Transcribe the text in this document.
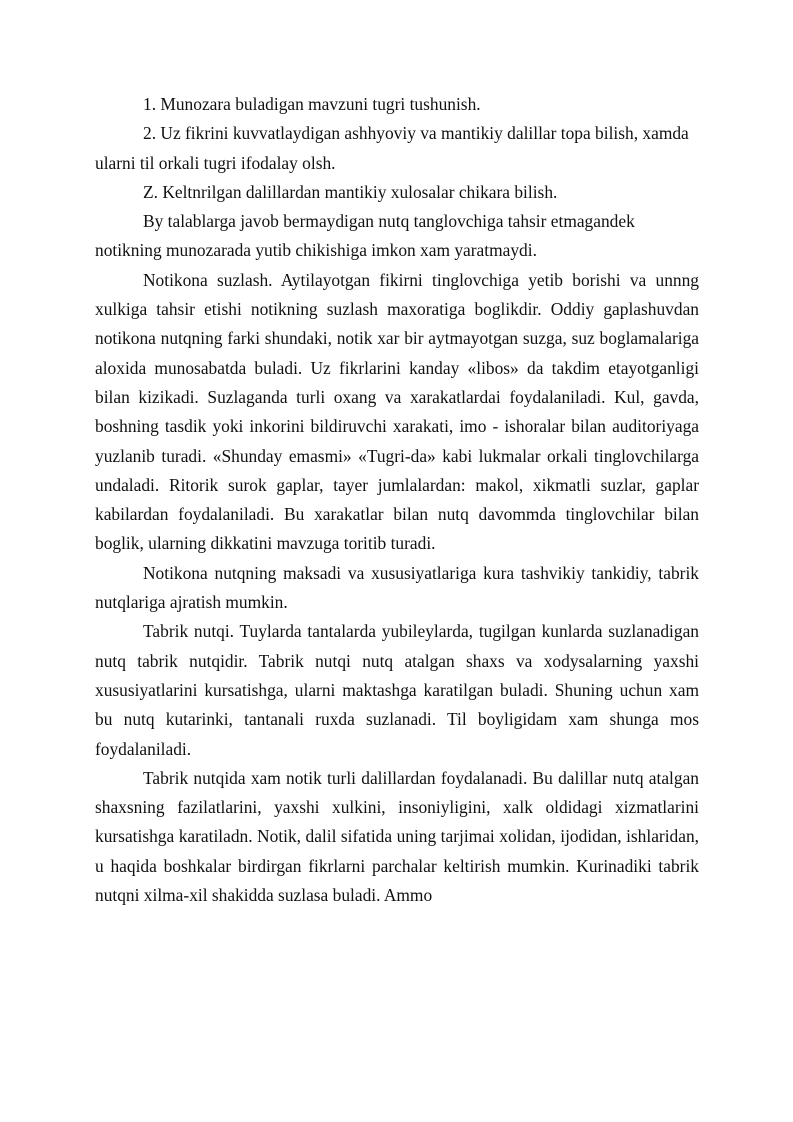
1. Munozara buladigan mavzuni tugri tushunish.

2. Uz fikrini kuvvatlaydigan ashhyoviy va mantikiy dalillar topa bilish, xamda ularni til orkali tugri ifodalay olsh.

Z. Keltnrilgan dalillardan mantikiy xulosalar chikara bilish.

By talablarga javob bermaydigan nutq tanglovchiga tahsir etmagandek notikning munozarada yutib chikishiga imkon xam yaratmaydi.

Notikona suzlash. Aytilayotgan fikirni tinglovchiga yetib borishi va unnng xulkiga tahsir etishi notikning suzlash maxoratiga boglikdir. Oddiy gaplashuvdan notikona nutqning farki shundaki, notik xar bir aytmayotgan suzga, suz boglamalariga aloxida munosabatda buladi. Uz fikrlarini kanday «libos» da takdim etayotganligi bilan kizikadi. Suzlaganda turli oxang va xarakatlardai foydalaniladi. Kul, gavda, boshning tasdik yoki inkorini bildiruvchi xarakati, imo - ishoralar bilan auditoriyaga yuzlanib turadi. «Shunday emasmi» «Tugri-da» kabi lukmalar orkali tinglovchilarga undaladi. Ritorik surok gaplar, tayer jumlalardan: makol, xikmatli suzlar, gaplar kabilardan foydalaniladi. Bu xarakatlar bilan nutq davommda tinglovchilar bilan boglik, ularning dikkatini mavzuga toritib turadi.

Notikona nutqning maksadi va xususiyatlariga kura tashvikiy tankidiy, tabrik nutqlariga ajratish mumkin.

Tabrik nutqi. Tuylarda tantalarda yubileylarda, tugilgan kunlarda suzlanadigan nutq tabrik nutqidir. Tabrik nutqi nutq atalgan shaxs va xodysalarning yaxshi xususiyatlarini kursatishga, ularni maktashga karatilgan buladi. Shuning uchun xam bu nutq kutarinki, tantanali ruxda suzlanadi. Til boyligidam xam shunga mos foydalaniladi.

Tabrik nutqida xam notik turli dalillardan foydalanadi. Bu dalillar nutq atalgan shaxsning fazilatlarini, yaxshi xulkini, insoniyligini, xalk oldidagi xizmatlarini kursatishga karatiladn. Notik, dalil sifatida uning tarjimai xolidan, ijodidan, ishlaridan, u haqida boshkalar birdirgan fikrlarni parchalar keltirish mumkin. Kurinadiki tabrik nutqni xilma-xil shakidda suzlasa buladi. Ammo
